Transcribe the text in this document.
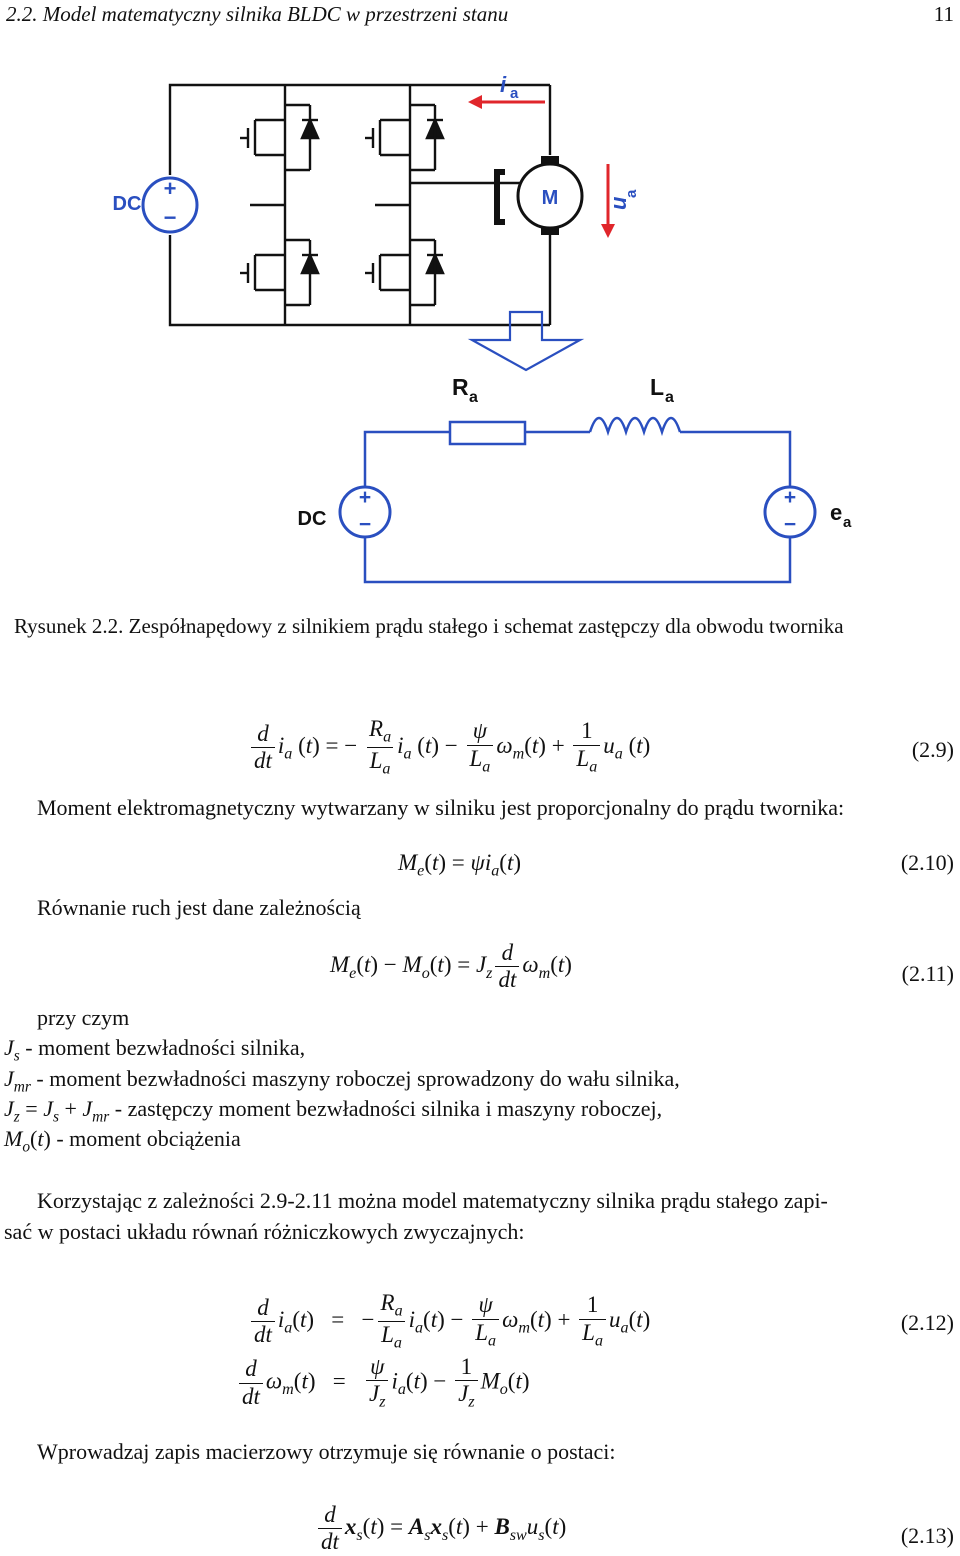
2.2. Model matematyczny silnika BLDC w przestrzeni stanu	11
+
−
DC	M
i a
u
a
R a	L a
+
−
DC
+
− e a
Rysunek 2.2. Zespółnapędowy z silnikiem prądu stałego i schemat zastępczy dla obwodu twornika
$\frac{d}{dt} i_a$ (t) = − $\frac{R_a}{L_a} i_a$ $(t) - \frac{\psi}{L_a} \omega_m(t) + \frac{1}{L_a} u_a$ (t)	(2.9)
Moment elektromagnetyczny wytwarzany w silniku jest proporcjonalny do prądu twornika:
$M_e(t) = \psi i_a(t)$	(2.10)
Równanie ruch jest dane zależnością
$M_e(t) - M_o(t) = J_z \frac{d}{dt} \omega_m(t)$	(2.11)
przy czym
$J_s$ - moment bezwładności silnika,
$J_{mr}$ - moment bezwładności maszyny roboczej sprowadzony do wału silnika,
$J_z = J_s + J_{mr}$ - zastępczy moment bezwładności silnika i maszyny roboczej,
$M_o(t)$ - moment obciążenia
Korzystając z zależności 2.9-2.11 można model matematyczny silnika prądu stałego zapi-
sać w postaci układu równań różniczkowych zwyczajnych:
$\frac{d}{dt} i_a(t)$   =   − $\frac{R_a}{L_a} i_a(t) - \frac{\psi}{L_a} \omega_m(t) + \frac{1}{L_a} u_a(t)$	(2.12)
$\frac{d}{dt} \omega_m(t) = \frac{\psi}{J_z} i_a(t) - \frac{1}{J_z} M_o(t)$
Wprowadzaj zapis macierzowy otrzymuje się równanie o postaci:
$\frac{d}{dt} x_s(t) = A_sx_s(t) + B_{sw}u_s(t)$	(2.13)
